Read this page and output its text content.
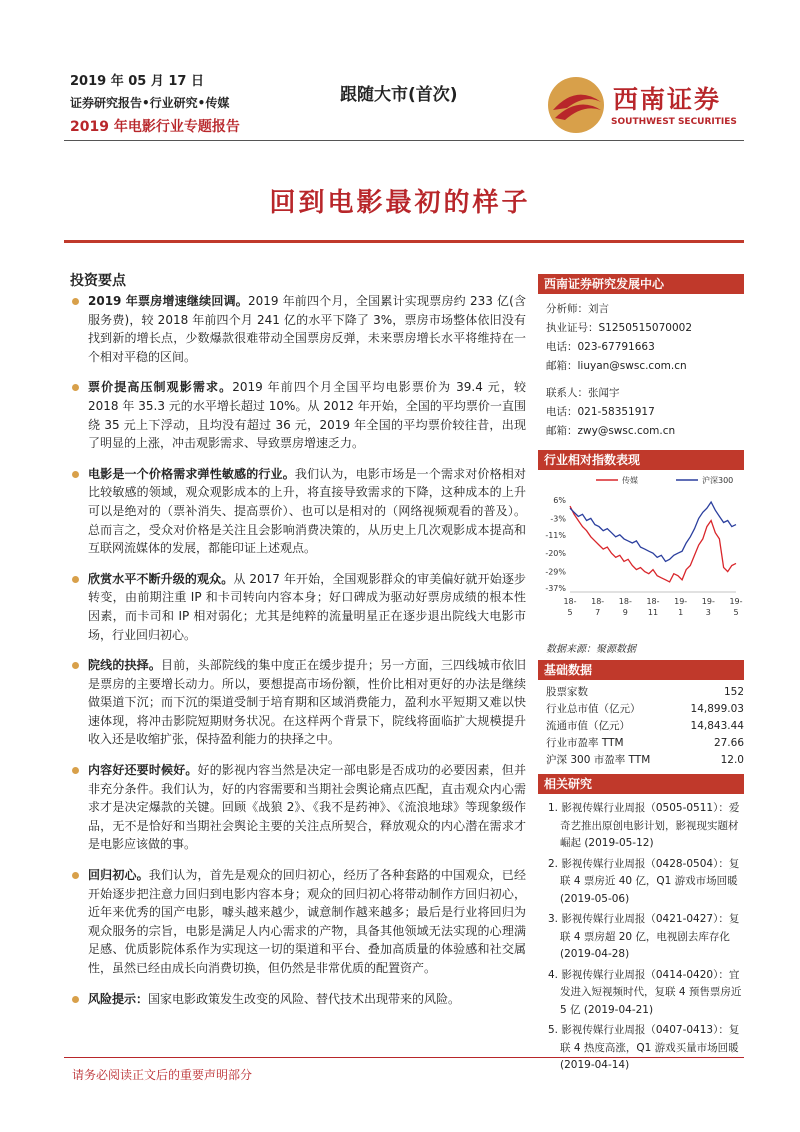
2019 年 05 月 17 日
证券研究报告•行业研究•传媒
2019 年电影行业专题报告
跟随大市(首次)	西南证券
SOUTHWEST SECURITIES
回到电影最初的样子
投资要点
2019 年票房增速继续回调。2019 年前四个月，全国累计实现票房约 233 亿(含服务费)，较 2018 年前四个月 241 亿的水平下降了 3%，票房市场整体依旧没有找到新的增长点，少数爆款很难带动全国票房反弹，未来票房增长水平将维持在一个相对平稳的区间。
票价提高压制观影需求。2019 年前四个月全国平均电影票价为 39.4 元，较 2018 年 35.3 元的水平增长超过 10%。从 2012 年开始，全国的平均票价一直围绕 35 元上下浮动，且均没有超过 36 元，2019 年全国的平均票价较往昔，出现了明显的上涨，冲击观影需求、导致票房增速乏力。
电影是一个价格需求弹性敏感的行业。我们认为，电影市场是一个需求对价格相对比较敏感的领域，观众观影成本的上升，将直接导致需求的下降，这种成本的上升可以是绝对的（票补消失、提高票价）、也可以是相对的（网络视频观看的普及）。总而言之，受众对价格是关注且会影响消费决策的，从历史上几次观影成本提高和互联网流媒体的发展，都能印证上述观点。
欣赏水平不断升级的观众。从 2017 年开始，全国观影群众的审美偏好就开始逐步转变，由前期注重 IP 和卡司转向内容本身；好口碑成为驱动好票房成绩的根本性因素，而卡司和 IP 相对弱化；尤其是纯粹的流量明星正在逐步退出院线大电影市场，行业回归初心。
院线的抉择。目前，头部院线的集中度正在缓步提升；另一方面，三四线城市依旧是票房的主要增长动力。所以，要想提高市场份额，性价比相对更好的办法是继续做渠道下沉；而下沉的渠道受制于培育期和区域消费能力，盈利水平短期又难以快速体现，将冲击影院短期财务状况。在这样两个背景下，院线将面临扩大规模提升收入还是收缩扩张，保持盈利能力的抉择之中。
内容好还要时候好。好的影视内容当然是决定一部电影是否成功的必要因素，但并非充分条件。我们认为，好的内容需要和当期社会舆论痛点匹配，直击观众内心需求才是决定爆款的关键。回顾《战狼 2》、《我不是药神》、《流浪地球》等现象级作品，无不是恰好和当期社会舆论主要的关注点所契合，释放观众的内心潜在需求才是电影应该做的事。
回归初心。我们认为，首先是观众的回归初心，经历了各种套路的中国观众，已经开始逐步把注意力回归到电影内容本身；观众的回归初心将带动制作方回归初心，近年来优秀的国产电影，噱头越来越少，诚意制作越来越多；最后是行业将回归为观众服务的宗旨，电影是满足人内心需求的产物，具备其他领域无法实现的心理满足感、优质影院体系作为实现这一切的渠道和平台、叠加高质量的体验感和社交属性，虽然已经由成长向消费切换，但仍然是非常优质的配置资产。
风险提示：国家电影政策发生改变的风险、替代技术出现带来的风险。
西南证券研究发展中心
分析师：刘言
执业证号：S1250515070002
电话：023-67791663
邮箱：liuyan@swsc.com.cn
联系人：张闻宇
电话：021-58351917
邮箱：zwy@swsc.com.cn
行业相对指数表现
传媒	沪深300
6%
-3%
-11%
-20%
-29%
-37%
18-
5
18-
7
18-
9
18-
11
19-
1
19-
3
19-
5
数据来源：聚源数据
基础数据
股票家数	152
行业总市值（亿元）	14,899.03
流通市值（亿元）	14,843.44
行业市盈率 TTM	27.66
沪深 300 市盈率 TTM	12.0
相关研究
1. 影视传媒行业周报（0505-0511）：爱奇艺推出原创电影计划，影视现实题材崛起 (2019-05-12)
2. 影视传媒行业周报（0428-0504）：复联 4 票房近 40 亿，Q1 游戏市场回暖 (2019-05-06)
3. 影视传媒行业周报（0421-0427）：复联 4 票房超 20 亿，电视剧去库存化 (2019-04-28)
4. 影视传媒行业周报（0414-0420）：宜发进入短视频时代，复联 4 预售票房近 5 亿 (2019-04-21)
5. 影视传媒行业周报（0407-0413）：复联 4 热度高涨，Q1 游戏买量市场回暖 (2019-04-14)
请务必阅读正文后的重要声明部分
